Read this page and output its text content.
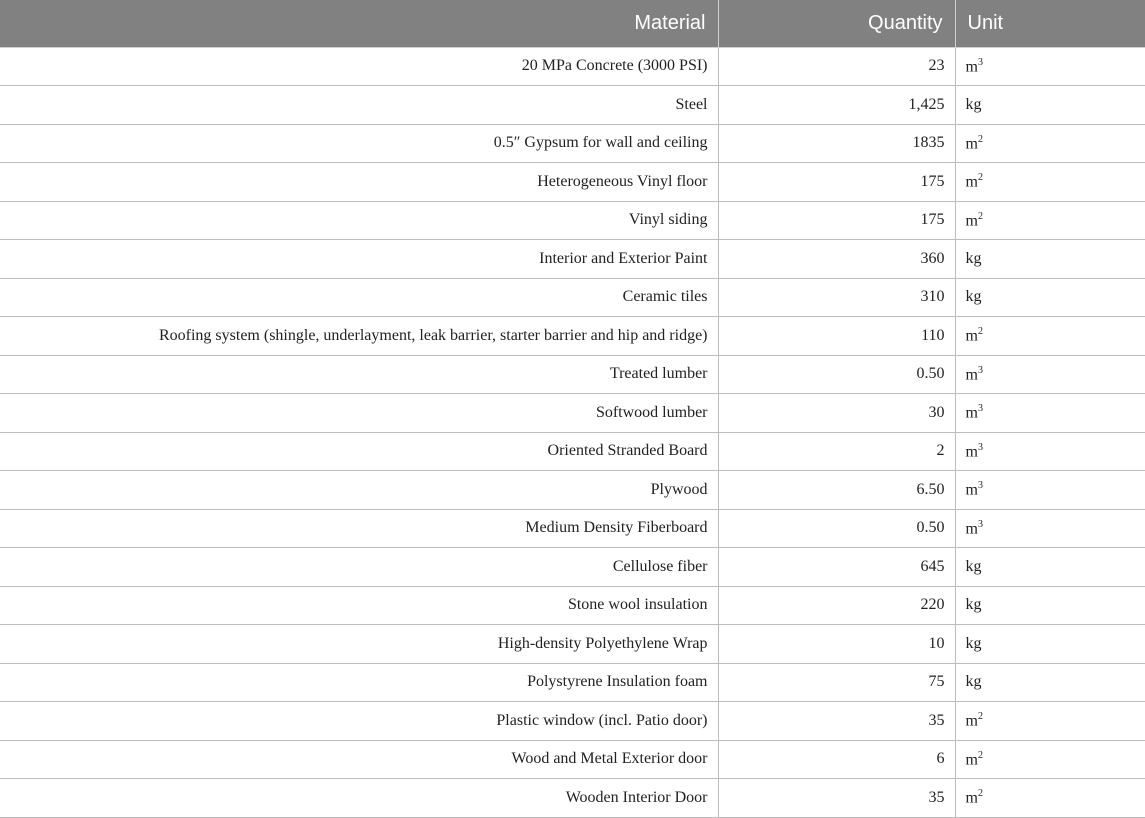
Material	Quantity	Unit
20 MPa Concrete (3000 PSI)	23	$m^3$
Steel	1,425	kg
0.5″ Gypsum for wall and ceiling	1835	$m^2$
Heterogeneous Vinyl floor	175	$m^2$
Vinyl siding	175	$m^2$
Interior and Exterior Paint	360	kg
Ceramic tiles	310	kg
Roofing system (shingle, underlayment, leak barrier, starter barrier and hip and ridge)	110	$m^2$
Treated lumber	0.50	$m^3$
Softwood lumber	30	$m^3$
Oriented Stranded Board	2	$m^3$
Plywood	6.50	$m^3$
Medium Density Fiberboard	0.50	$m^3$
Cellulose fiber	645	kg
Stone wool insulation	220	kg
High-density Polyethylene Wrap	10	kg
Polystyrene Insulation foam	75	kg
Plastic window (incl. Patio door)	35	$m^2$
Wood and Metal Exterior door	6	$m^2$
Wooden Interior Door	35	$m^2$
